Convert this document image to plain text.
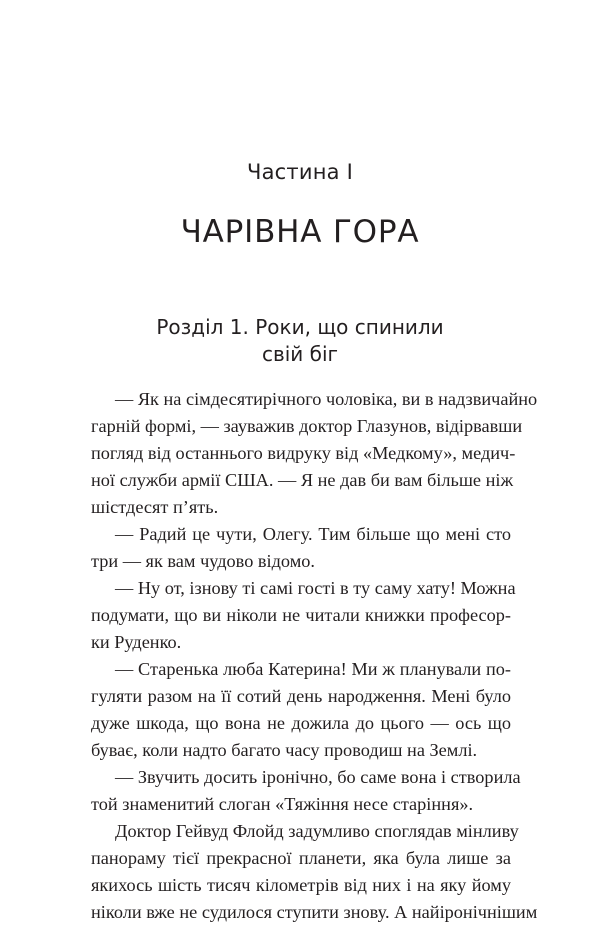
Частина I
ЧАРІВНА ГОРА
Розділ 1. Роки, що спинили
свій біг

— Як на сімдесятирічного чоловіка, ви в надзвичайно
гарній формі, — зауважив доктор Глазунов, відірвавши
погляд від останнього видруку від «Медкому», медич-
ної служби армії США. — Я не дав би вам більше ніж
шістдесят п’ять.

— Радий це чути, Олегу. Тим більше що мені сто
три — як вам чудово відомо.

— Ну от, ізнову ті самі гості в ту саму хату! Можна
подумати, що ви ніколи не читали книжки професор-
ки Руденко.

— Старенька люба Катерина! Ми ж планували по-
гуляти разом на її сотий день народження. Мені було
дуже шкода, що вона не дожила до цього — ось що
буває, коли надто багато часу проводиш на Землі.

— Звучить досить іронічно, бо саме вона і створила
той знаменитий слоган «Тяжіння несе старіння».

Доктор Гейвуд Флойд задумливо споглядав мінливу
панораму тієї прекрасної планети, яка була лише за
якихось шість тисяч кілометрів від них і на яку йому
ніколи вже не судилося ступити знову. А найіронічнішим
